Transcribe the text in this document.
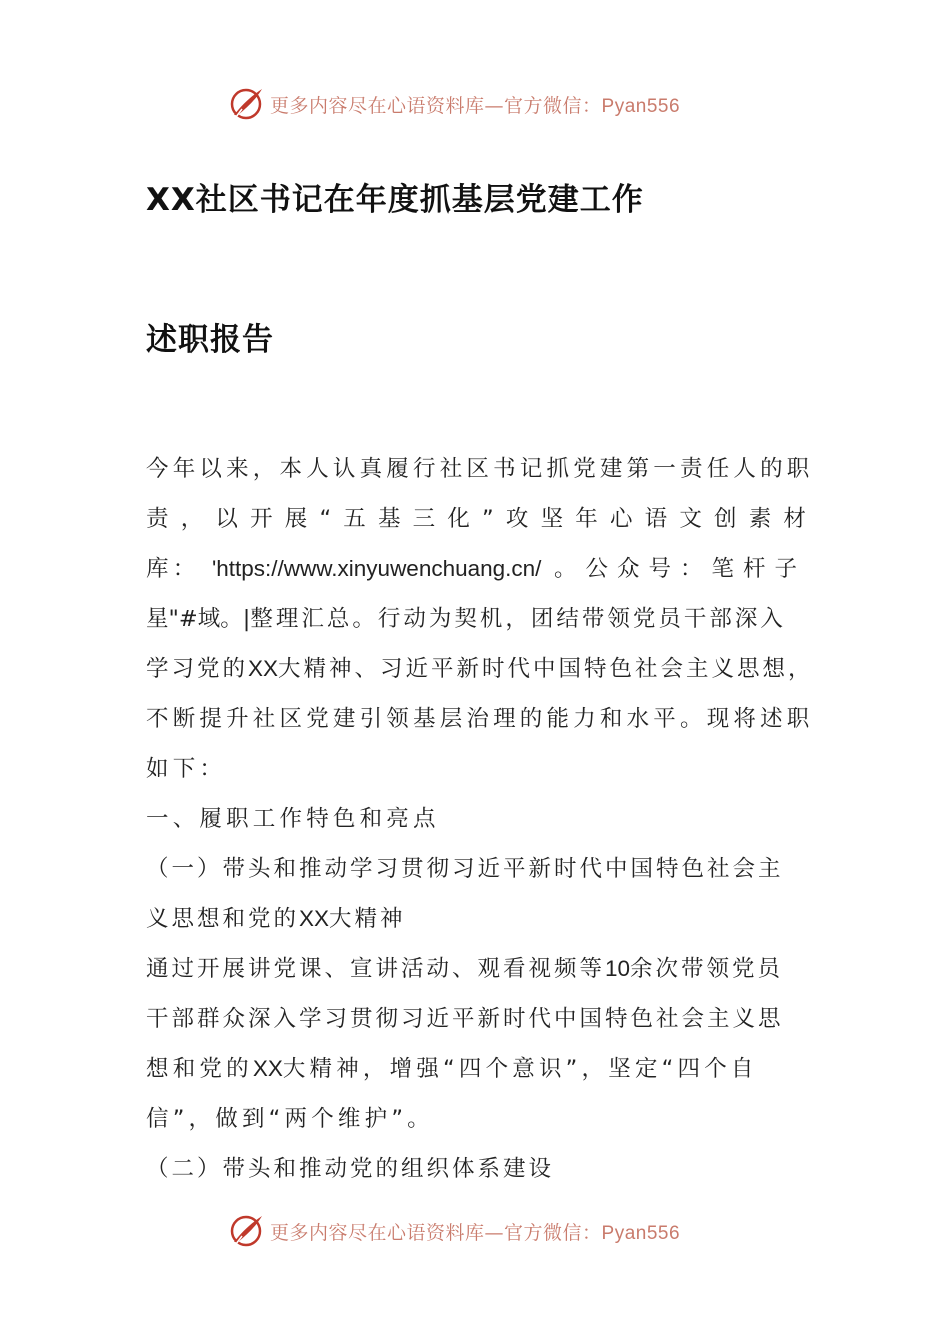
更多内容尽在心语资料库—官方微信：Pyan556
XX社区书记在年度抓基层党建工作
述职报告
今年以来，本人认真履行社区书记抓党建第一责任人的职
责 ， 以 开 展 “ 五 基 三 化 ” 攻 坚 年 心 语 文 创 素 材
库： 'https://www.xinyuwenchuang.cn/ 。公众号：笔杆子
星"#域。|整理汇总。行动为契机，团结带领党员干部深入
学习党的XX大精神、习近平新时代中国特色社会主义思想，
不断提升社区党建引领基层治理的能力和水平。现将述职
如下：
一、履职工作特色和亮点
（一）带头和推动学习贯彻习近平新时代中国特色社会主
义思想和党的XX大精神
通过开展讲党课、宣讲活动、观看视频等10余次带领党员
干部群众深入学习贯彻习近平新时代中国特色社会主义思
想和党的XX大精神，增强“四个意识”，坚定“四个自
信”，做到“两个维护”。
（二）带头和推动党的组织体系建设
更多内容尽在心语资料库—官方微信：Pyan556
